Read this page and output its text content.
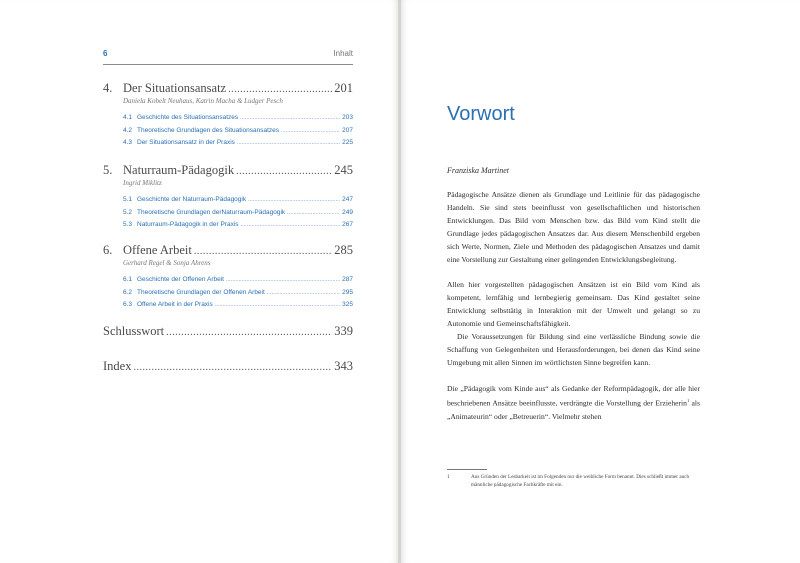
6	Inhalt
4. Der Situationsansatz .....	201
Daniela Kobelt Neuhaus, Katrin Macha & Ludger Pesch
4.1 Geschichte des Situationsansatzes .....	203
4.2 Theoretische Grundlagen des Situationsansatzes .....	207
4.3 Der Situationsansatz in der Praxis .....	225
5. Naturraum-Pädagogik .....	245
Ingrid Miklitz
5.1 Geschichte der Naturraum-Pädagogik .....	247
5.2 Theoretische Grundlagen derNaturraum-Pädagogik .....	249
5.3 Naturraum-Pädagogik in der Praxis .....	267
6. Offene Arbeit .....	285
Gerhard Regel & Sonja Ahrens
6.1 Geschichte der Offenen Arbeit .....	287
6.2 Theoretische Grundlagen der Offenen Arbeit .....	295
6.3 Offene Arbeit in der Praxis .....	325
Schlusswort .....	339
Index .....	343
Vorwort
Franziska Martinet

Pädagogische Ansätze dienen als Grundlage und Leitlinie für das pädagogische Handeln. Sie sind stets beeinflusst von gesellschaftlichen und historischen Entwicklungen. Das Bild vom Menschen bzw. das Bild vom Kind stellt die Grundlage jedes pädagogischen Ansatzes dar. Aus diesem Menschenbild ergeben sich Werte, Normen, Ziele und Methoden des pädagogischen Ansatzes und damit eine Vorstellung zur Gestaltung einer gelingenden Entwicklungsbegleitung.

Allen hier vorgestellten pädagogischen Ansätzen ist ein Bild vom Kind als kompetent, lernfähig und lernbegierig gemeinsam. Das Kind gestaltet seine Entwicklung selbsttätig in Interaktion mit der Umwelt und gelangt so zu Autonomie und Gemeinschaftsfähigkeit.

Die Voraussetzungen für Bildung sind eine verlässliche Bindung sowie die Schaffung von Gelegenheiten und Herausforderungen, bei denen das Kind seine Umgebung mit allen Sinnen im wörtlichsten Sinne begreifen kann.

Die „Pädagogik vom Kinde aus“ als Gedanke der Reformpädagogik, der alle hier beschriebenen Ansätze beeinflusste, verdrängte die Vorstellung der Erzieherin$^1$ als „Animateurin“ oder „Betreuerin“. Vielmehr stehen

1	Aus Gründen der Lesbarkeit ist im Folgenden nur die weibliche Form benannt. Dies schließt immer auch männliche pädagogische Fachkräfte mit ein.
